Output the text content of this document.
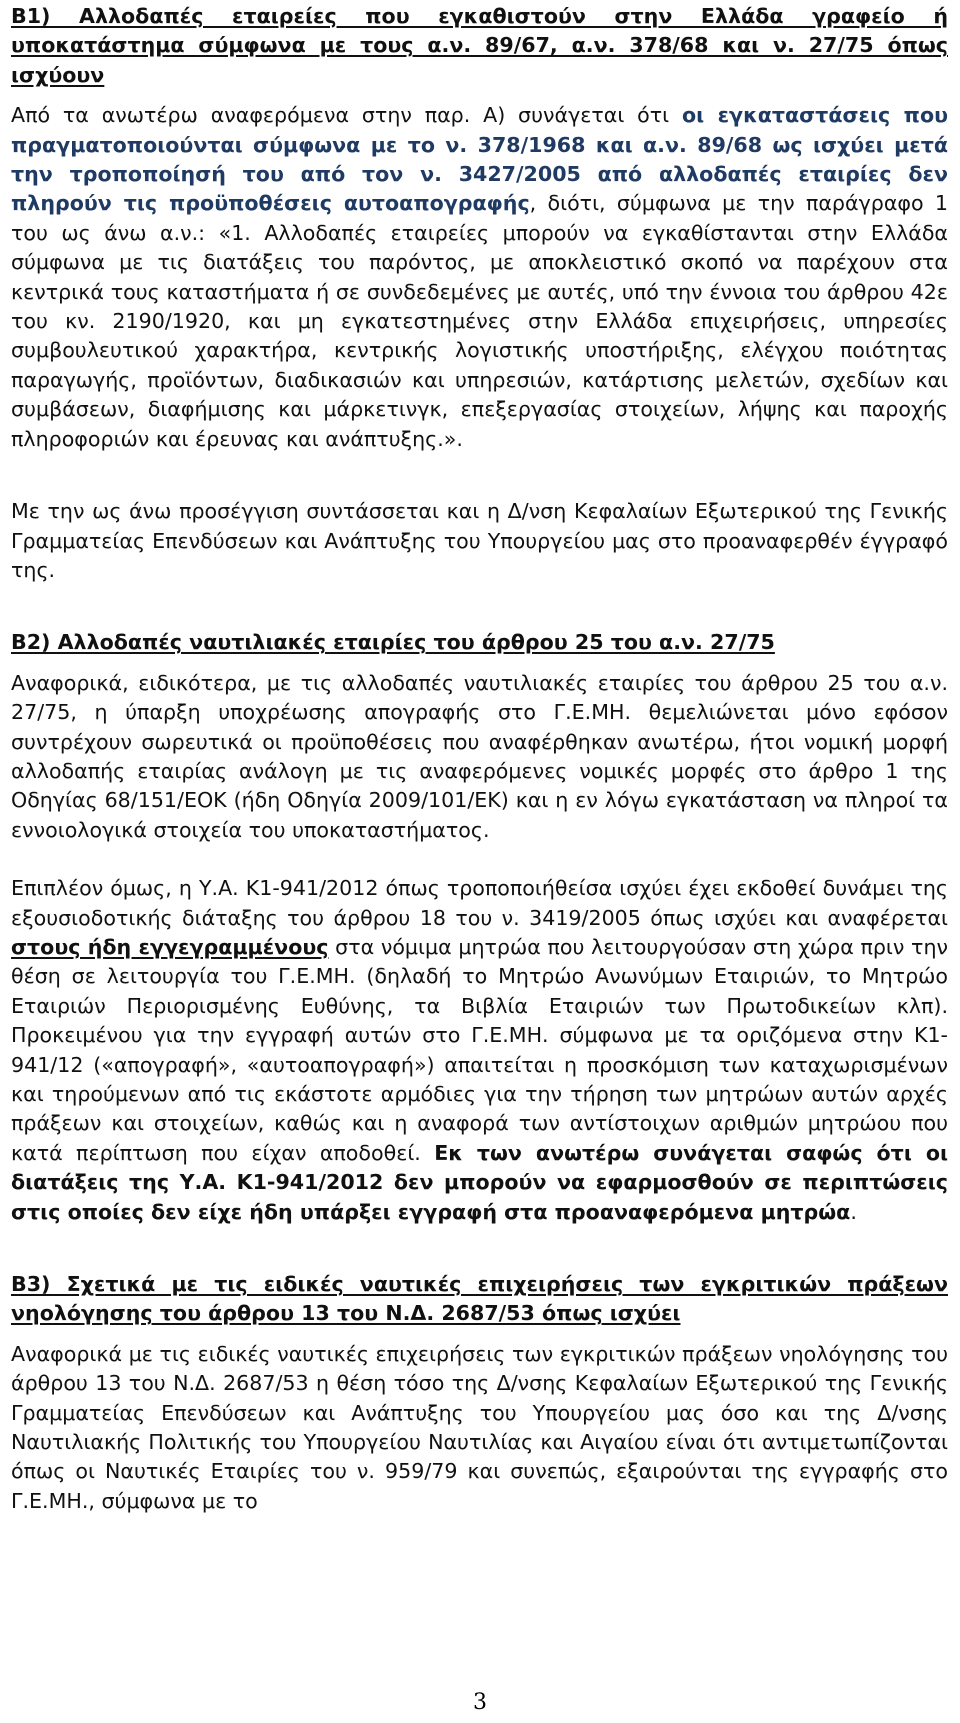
Β1) Αλλοδαπές εταιρείες που εγκαθιστούν στην Ελλάδα γραφείο ή υποκατάστημα σύμφωνα με τους α.ν. 89/67, α.ν. 378/68 και ν. 27/75 όπως ισχύουν

Από τα ανωτέρω αναφερόμενα στην παρ. Α) συνάγεται ότι οι εγκαταστάσεις που πραγματοποιούνται σύμφωνα με το ν. 378/1968 και α.ν. 89/68 ως ισχύει μετά την τροποποίησή του από τον ν. 3427/2005 από αλλοδαπές εταιρίες δεν πληρούν τις προϋποθέσεις αυτοαπογραφής, διότι, σύμφωνα με την παράγραφο 1 του ως άνω α.ν.: «1. Αλλοδαπές εταιρείες μπορούν να εγκαθίστανται στην Ελλάδα σύμφωνα με τις διατάξεις του παρόντος, με αποκλειστικό σκοπό να παρέχουν στα κεντρικά τους καταστήματα ή σε συνδεδεμένες με αυτές, υπό την έννοια του άρθρου 42ε του κν. 2190/1920, και μη εγκατεστημένες στην Ελλάδα επιχειρήσεις, υπηρεσίες συμβουλευτικού χαρακτήρα, κεντρικής λογιστικής υποστήριξης, ελέγχου ποιότητας παραγωγής, προϊόντων, διαδικασιών και υπηρεσιών, κατάρτισης μελετών, σχεδίων και συμβάσεων, διαφήμισης και μάρκετινγκ, επεξεργασίας στοιχείων, λήψης και παροχής πληροφοριών και έρευνας και ανάπτυξης.».

Με την ως άνω προσέγγιση συντάσσεται και η Δ/νση Κεφαλαίων Εξωτερικού της Γενικής Γραμματείας Επενδύσεων και Ανάπτυξης του Υπουργείου μας στο προαναφερθέν έγγραφό της.

Β2) Αλλοδαπές ναυτιλιακές εταιρίες του άρθρου 25 του α.ν. 27/75

Αναφορικά, ειδικότερα, με τις αλλοδαπές ναυτιλιακές εταιρίες του άρθρου 25 του α.ν. 27/75, η ύπαρξη υποχρέωσης απογραφής στο Γ.Ε.ΜΗ. θεμελιώνεται μόνο εφόσον συντρέχουν σωρευτικά οι προϋποθέσεις που αναφέρθηκαν ανωτέρω, ήτοι νομική μορφή αλλοδαπής εταιρίας ανάλογη με τις αναφερόμενες νομικές μορφές στο άρθρο 1 της Οδηγίας 68/151/ΕΟΚ (ήδη Οδηγία 2009/101/ΕΚ) και η εν λόγω εγκατάσταση να πληροί τα εννοιολογικά στοιχεία του υποκαταστήματος.

Επιπλέον όμως, η Υ.Α. Κ1-941/2012 όπως τροποποιήθείσα ισχύει έχει εκδοθεί δυνάμει της εξουσιοδοτικής διάταξης του άρθρου 18 του ν. 3419/2005 όπως ισχύει και αναφέρεται στους ήδη εγγεγραμμένους στα νόμιμα μητρώα που λειτουργούσαν στη χώρα πριν την θέση σε λειτουργία του Γ.Ε.ΜΗ. (δηλαδή το Μητρώο Ανωνύμων Εταιριών, το Μητρώο Εταιριών Περιορισμένης Ευθύνης, τα Βιβλία Εταιριών των Πρωτοδικείων κλπ). Προκειμένου για την εγγραφή αυτών στο Γ.Ε.ΜΗ. σύμφωνα με τα οριζόμενα στην Κ1-941/12 («απογραφή», «αυτοαπογραφή») απαιτείται η προσκόμιση των καταχωρισμένων και τηρούμενων από τις εκάστοτε αρμόδιες για την τήρηση των μητρώων αυτών αρχές πράξεων και στοιχείων, καθώς και η αναφορά των αντίστοιχων αριθμών μητρώου που κατά περίπτωση που είχαν αποδοθεί. Εκ των ανωτέρω συνάγεται σαφώς ότι οι διατάξεις της Υ.Α. Κ1-941/2012 δεν μπορούν να εφαρμοσθούν σε περιπτώσεις στις οποίες δεν είχε ήδη υπάρξει εγγραφή στα προαναφερόμενα μητρώα.

Β3) Σχετικά με τις ειδικές ναυτικές επιχειρήσεις των εγκριτικών πράξεων νηολόγησης του άρθρου 13 του Ν.Δ. 2687/53 όπως ισχύει

Αναφορικά με τις ειδικές ναυτικές επιχειρήσεις των εγκριτικών πράξεων νηολόγησης του άρθρου 13 του Ν.Δ. 2687/53 η θέση τόσο της Δ/νσης Κεφαλαίων Εξωτερικού της Γενικής Γραμματείας Επενδύσεων και Ανάπτυξης του Υπουργείου μας όσο και της Δ/νσης Ναυτιλιακής Πολιτικής του Υπουργείου Ναυτιλίας και Αιγαίου είναι ότι αντιμετωπίζονται όπως οι Ναυτικές Εταιρίες του ν. 959/79 και συνεπώς, εξαιρούνται της εγγραφής στο Γ.Ε.ΜΗ., σύμφωνα με το

3
